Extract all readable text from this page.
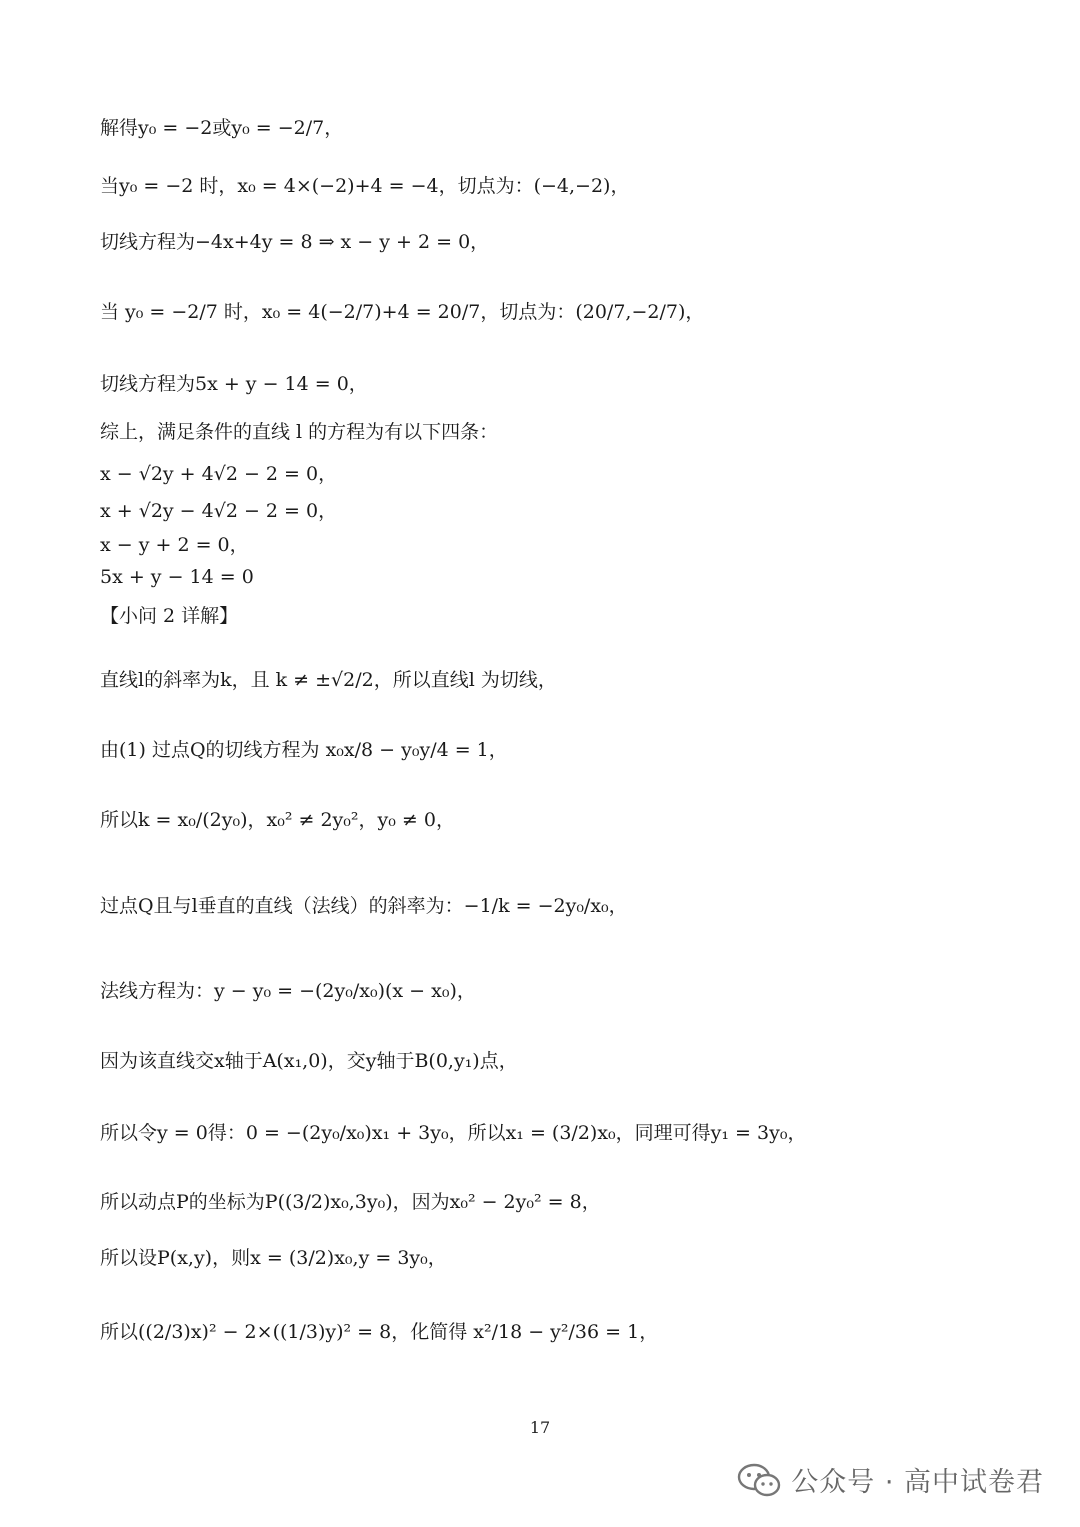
解得y₀ = −2或y₀ = −2/7，
当y₀ = −2 时，x₀ = 4×(−2)+4 = −4，切点为：(−4,−2)，
切线方程为−4x+4y = 8 ⇒ x − y + 2 = 0，
当 y₀ = −2/7 时，x₀ = 4(−2/7)+4 = 20/7，切点为：(20/7,−2/7)，
切线方程为5x + y − 14 = 0，
综上，满足条件的直线 l 的方程为有以下四条：
x − √2y + 4√2 − 2 = 0，
x + √2y − 4√2 − 2 = 0，
x − y + 2 = 0，
5x + y − 14 = 0
【小问 2 详解】
直线l的斜率为k，且 k ≠ ±√2/2，所以直线l 为切线，
由(1) 过点Q的切线方程为 x₀x/8 − y₀y/4 = 1，
所以k = x₀/(2y₀)，x₀² ≠ 2y₀²，y₀ ≠ 0，
过点Q且与l垂直的直线（法线）的斜率为：−1/k = −2y₀/x₀，
法线方程为：y − y₀ = −(2y₀/x₀)(x − x₀)，
因为该直线交x轴于A(x₁,0)，交y轴于B(0,y₁)点，
所以令y = 0得：0 = −(2y₀/x₀)x₁ + 3y₀，所以x₁ = (3/2)x₀，同理可得y₁ = 3y₀，
所以动点P的坐标为P((3/2)x₀,3y₀)，因为x₀² − 2y₀² = 8，
所以设P(x,y)，则x = (3/2)x₀,y = 3y₀，
所以((2/3)x)² − 2×((1/3)y)² = 8，化简得 x²/18 − y²/36 = 1，
17
公众号 · 高中试卷君
